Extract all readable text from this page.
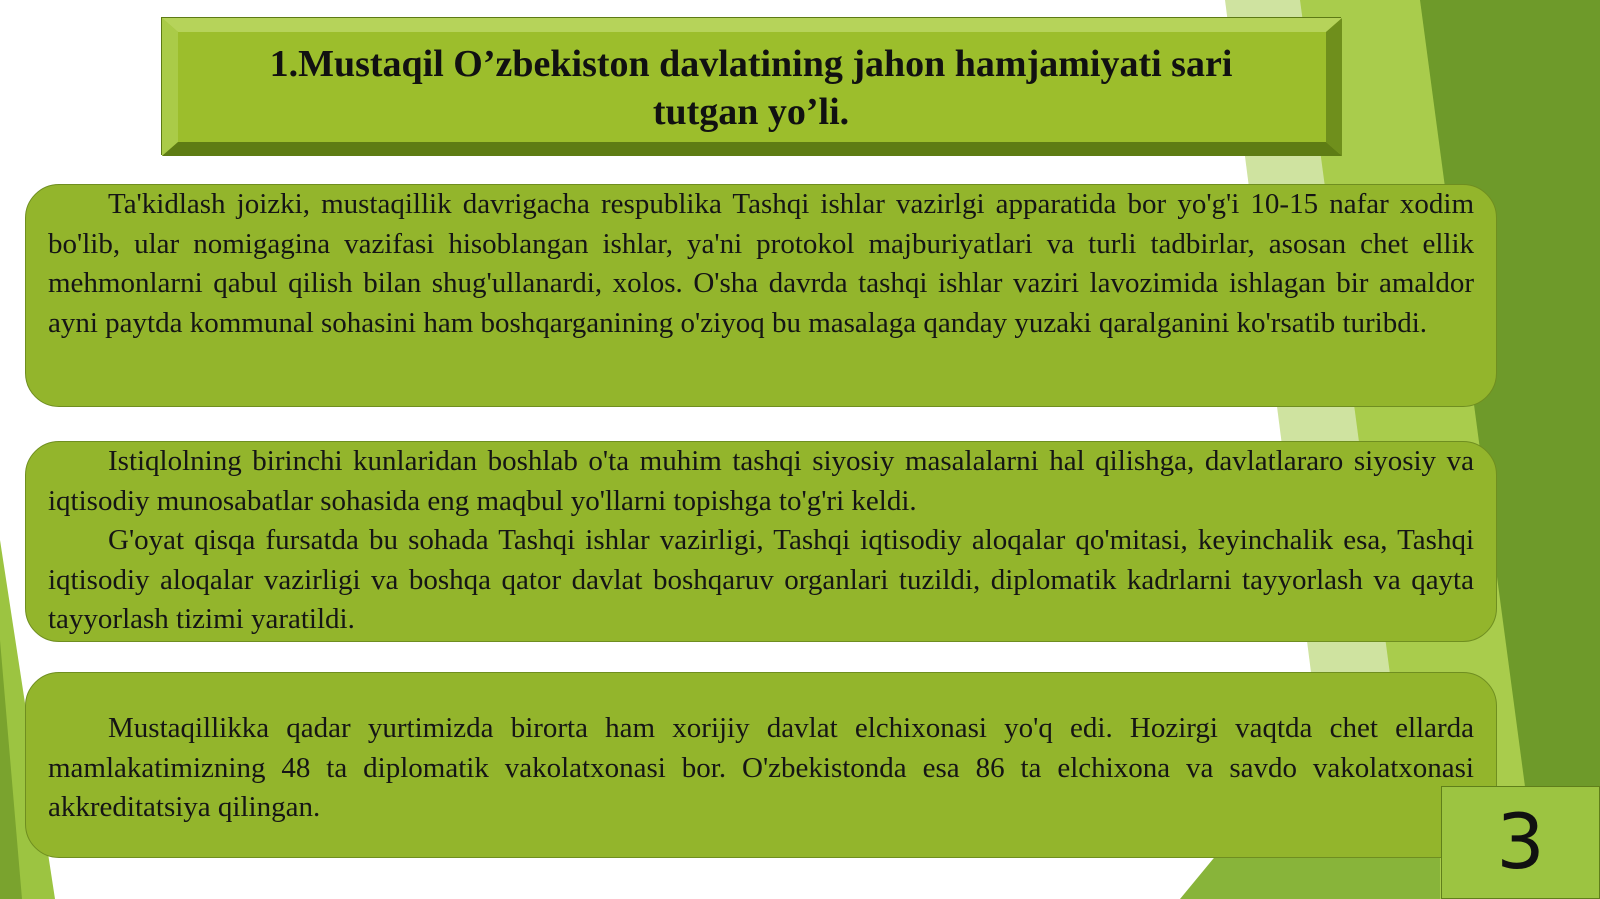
1.Mustaqil O’zbekiston davlatining jahon hamjamiyati sari
tutgan yo’li.

Ta'kidlash joizki, mustaqillik davrigacha respublika Tashqi ishlar vazirlgi apparatida bor yo'g'i 10-15 nafar xodim bo'lib, ular nomigagina vazifasi hisoblangan ishlar, ya'ni protokol majburiyatlari va turli tadbirlar, asosan chet ellik mehmonlarni qabul qilish bilan shug'ullanardi, xolos. O'sha davrda tashqi ishlar vaziri lavozimida ishlagan bir amaldor ayni paytda kommunal sohasini ham boshqarganining o'ziyoq bu masalaga qanday yuzaki qaralganini ko'rsatib turibdi.

Istiqlolning birinchi kunlaridan boshlab o'ta muhim tashqi siyosiy masalalarni hal qilishga, davlatlararo siyosiy va iqtisodiy munosabatlar sohasida eng maqbul yo'llarni topishga to'g'ri keldi.

G'oyat qisqa fursatda bu sohada Tashqi ishlar vazirligi, Tashqi iqtisodiy aloqalar qo'mitasi, keyinchalik esa, Tashqi iqtisodiy aloqalar vazirligi va boshqa qator davlat boshqaruv organlari tuzildi, diplomatik kadrlarni tayyorlash va qayta tayyorlash tizimi yaratildi.

Mustaqillikka qadar yurtimizda birorta ham xorijiy davlat elchixonasi yo'q edi. Hozirgi vaqtda chet ellarda mamlakatimizning 48 ta diplomatik vakolatxonasi bor. O'zbekistonda esa 86 ta elchixona va savdo vakolatxonasi akkreditatsiya qilingan.	3
